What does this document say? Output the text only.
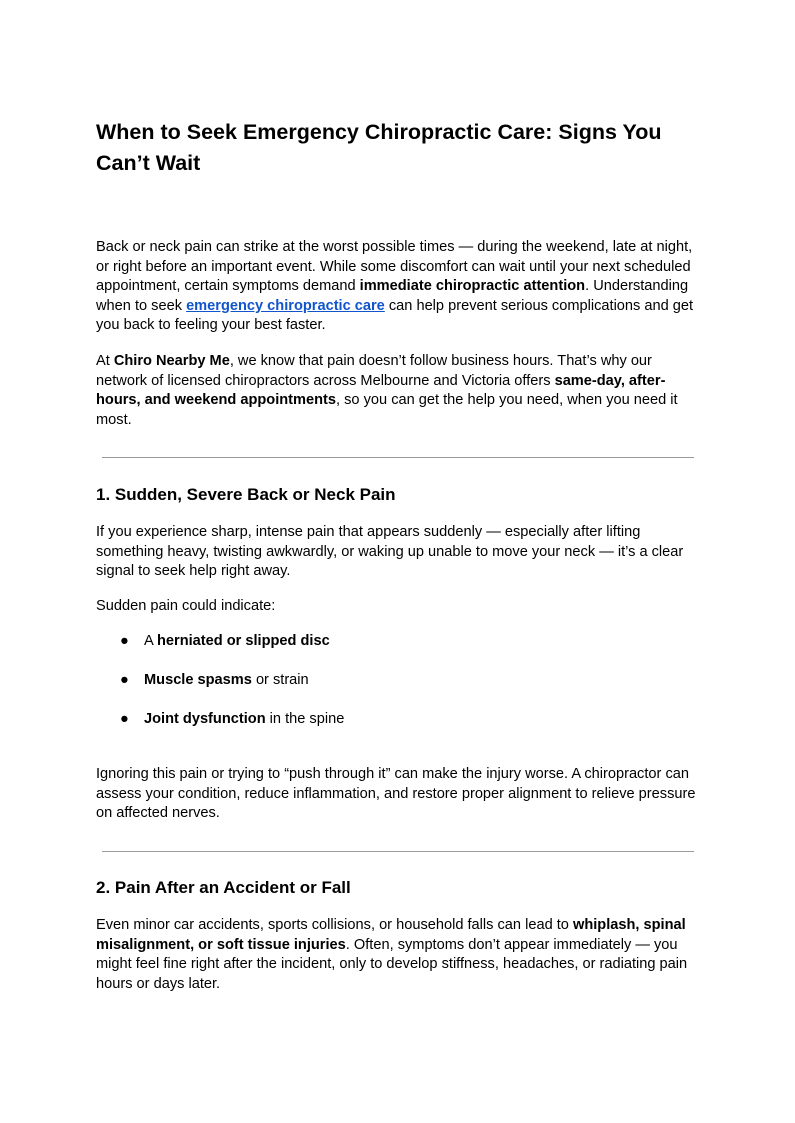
When to Seek Emergency Chiropractic Care: Signs You Can’t Wait

Back or neck pain can strike at the worst possible times — during the weekend, late at night, or right before an important event. While some discomfort can wait until your next scheduled appointment, certain symptoms demand immediate chiropractic attention. Understanding when to seek emergency chiropractic care can help prevent serious complications and get you back to feeling your best faster.

At Chiro Nearby Me, we know that pain doesn’t follow business hours. That’s why our network of licensed chiropractors across Melbourne and Victoria offers same-day, after-hours, and weekend appointments, so you can get the help you need, when you need it most.

1. Sudden, Severe Back or Neck Pain

If you experience sharp, intense pain that appears suddenly — especially after lifting something heavy, twisting awkwardly, or waking up unable to move your neck — it’s a clear signal to seek help right away.

Sudden pain could indicate:

● A herniated or slipped disc
● Muscle spasms or strain
● Joint dysfunction in the spine

Ignoring this pain or trying to “push through it” can make the injury worse. A chiropractor can assess your condition, reduce inflammation, and restore proper alignment to relieve pressure on affected nerves.

2. Pain After an Accident or Fall

Even minor car accidents, sports collisions, or household falls can lead to whiplash, spinal misalignment, or soft tissue injuries. Often, symptoms don’t appear immediately — you might feel fine right after the incident, only to develop stiffness, headaches, or radiating pain hours or days later.
